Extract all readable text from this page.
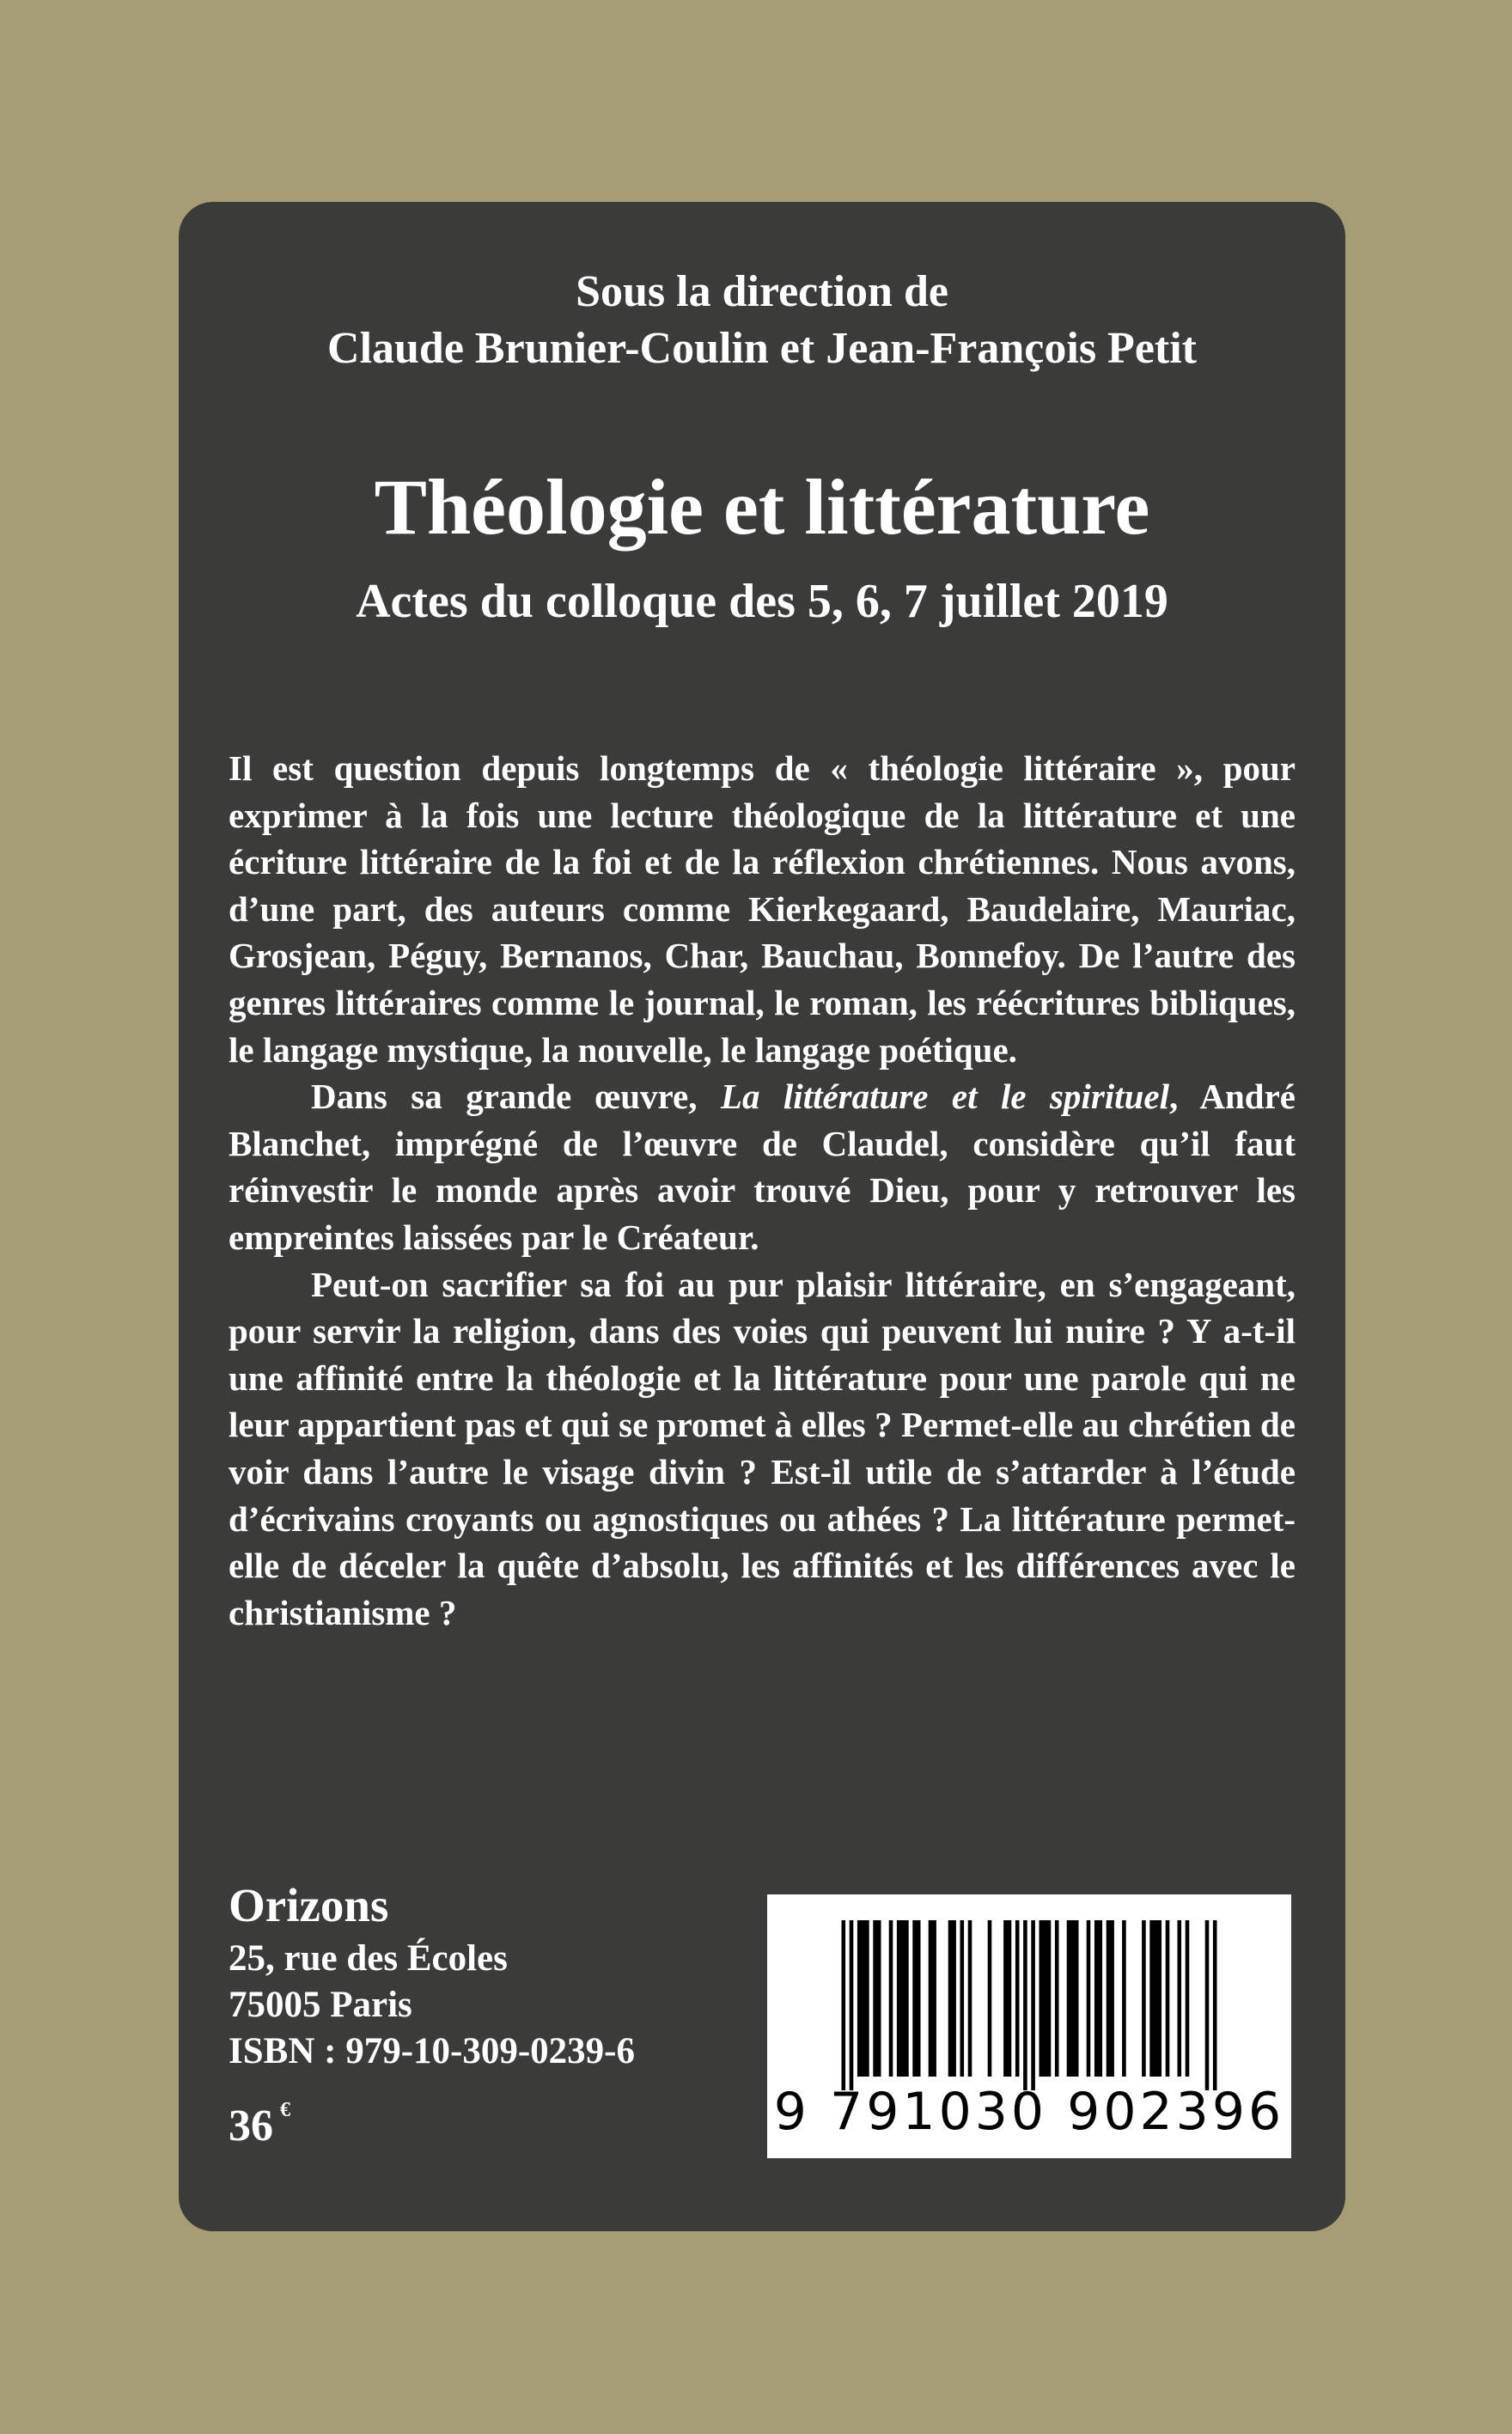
Sous la direction de
Claude Brunier-Coulin et Jean-François Petit
Théologie et littérature
Actes du colloque des 5, 6, 7 juillet 2019

Il est question depuis longtemps de « théologie littéraire », pour exprimer à la fois une lecture théologique de la littérature et une écriture littéraire de la foi et de la réflexion chrétiennes. Nous avons, d’une part, des auteurs comme Kierkegaard, Baudelaire, Mauriac, Grosjean, Péguy, Bernanos, Char, Bauchau, Bonnefoy. De l’autre des genres littéraires comme le journal, le roman, les réécritures bibliques, le langage mystique, la nouvelle, le langage poétique.

Dans sa grande œuvre, La littérature et le spirituel, André Blanchet, imprégné de l’œuvre de Claudel, considère qu’il faut réinvestir le monde après avoir trouvé Dieu, pour y retrouver les empreintes laissées par le Créateur.

Peut-on sacrifier sa foi au pur plaisir littéraire, en s’engageant, pour servir la religion, dans des voies qui peuvent lui nuire ? Y a-t-il une affinité entre la théologie et la littérature pour une parole qui ne leur appartient pas et qui se promet à elles ? Permet-elle au chrétien de voir dans l’autre le visage divin ? Est-il utile de s’attarder à l’étude d’écrivains croyants ou agnostiques ou athées ? La littérature permet-elle de déceler la quête d’absolu, les affinités et les différences avec le christianisme ?

Orizons
25, rue des Écoles
75005 Paris
ISBN : 979-10-309-0239-6
36 €	9 791030 902396
